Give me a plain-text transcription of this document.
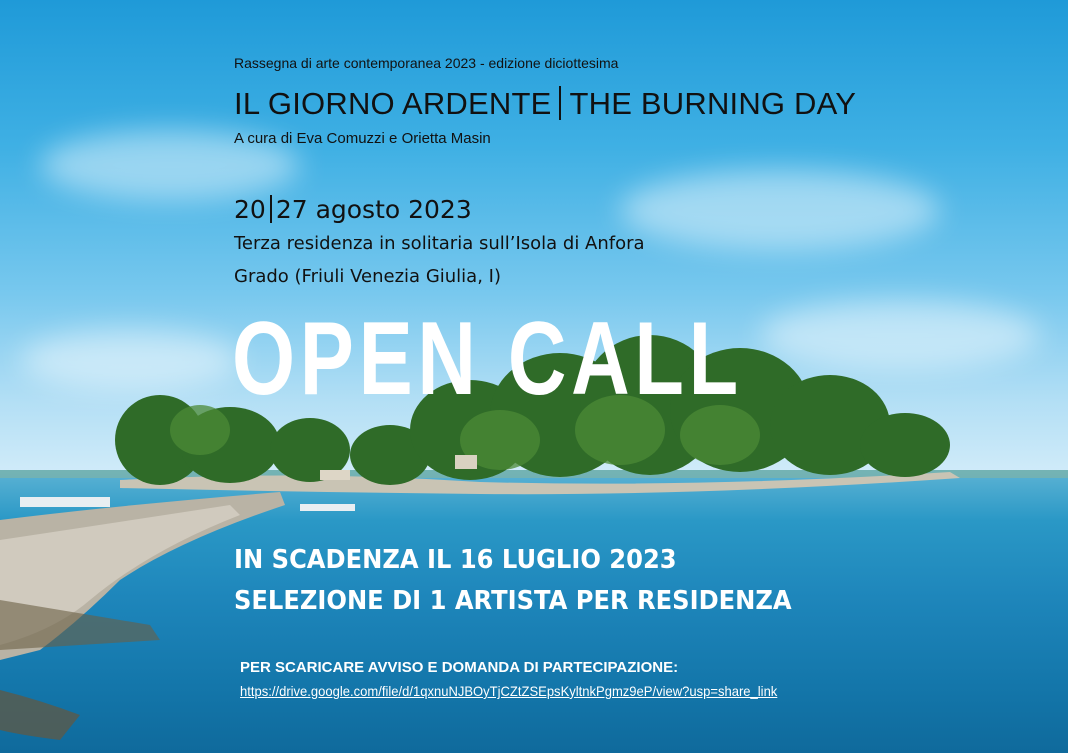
Rassegna di arte contemporanea 2023 - edizione diciottesima

IL GIORNO ARDENTE THE BURNING DAY

A cura di Eva Comuzzi e Orietta Masin

20 27 agosto 2023

Terza residenza in solitaria sull’Isola di Anfora

Grado (Friuli Venezia Giulia, I)

OPEN CALL

IN SCADENZA IL 16 LUGLIO 2023

SELEZIONE DI 1 ARTISTA PER RESIDENZA

PER SCARICARE AVVISO E DOMANDA DI PARTECIPAZIONE:

https://drive.google.com/file/d/1qxnuNJBOyTjCZtZSEpsKyltnkPgmz9eP/view?usp=share_link
